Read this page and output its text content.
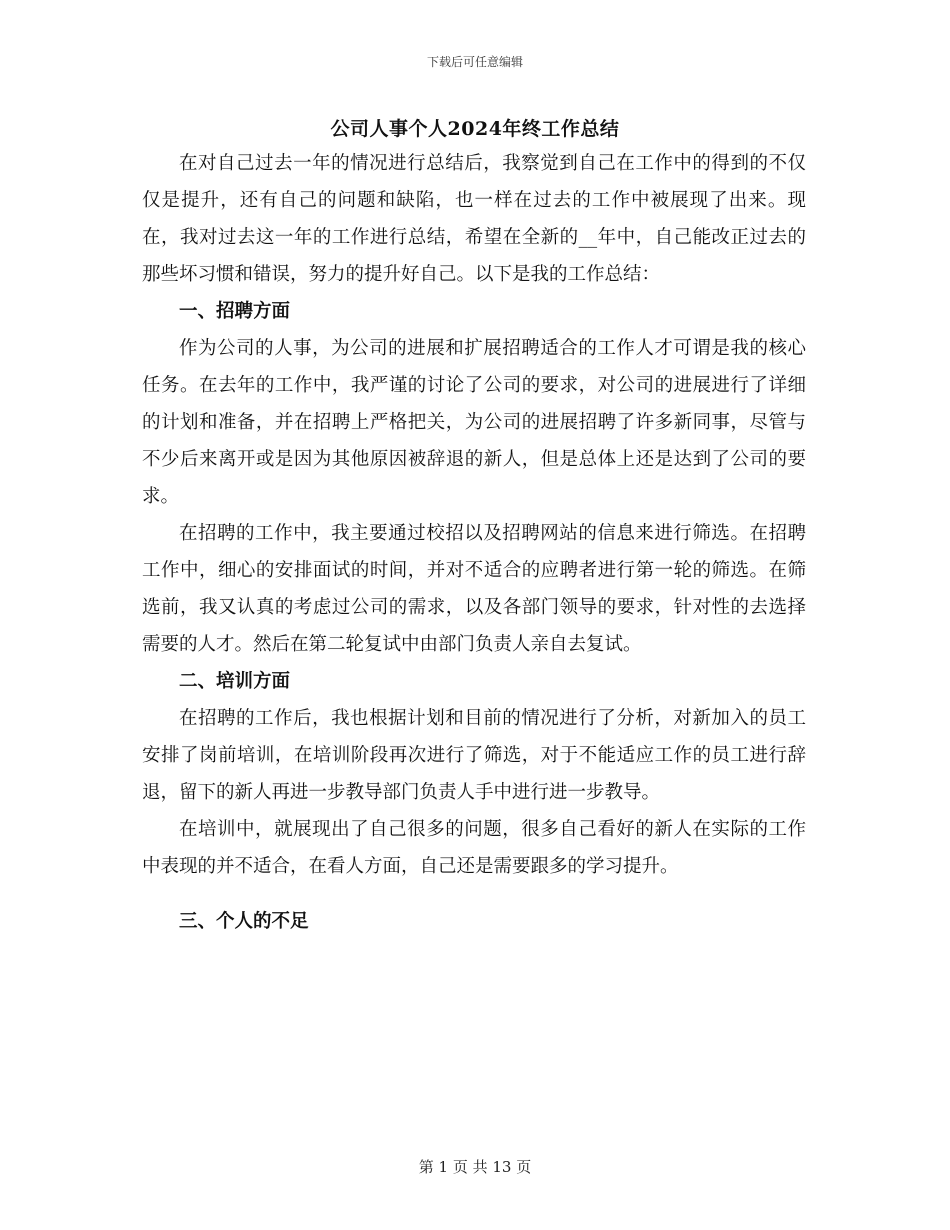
下载后可任意编辑
公司人事个人2024年终工作总结

在对自己过去一年的情况进行总结后，我察觉到自己在工作中的得到的不仅仅是提升，还有自己的问题和缺陷，也一样在过去的工作中被展现了出来。现在，我对过去这一年的工作进行总结，希望在全新的__年中，自己能改正过去的那些坏习惯和错误，努力的提升好自己。以下是我的工作总结：

一、招聘方面

作为公司的人事，为公司的进展和扩展招聘适合的工作人才可谓是我的核心任务。在去年的工作中，我严谨的讨论了公司的要求，对公司的进展进行了详细的计划和准备，并在招聘上严格把关，为公司的进展招聘了许多新同事，尽管与不少后来离开或是因为其他原因被辞退的新人，但是总体上还是达到了公司的要求。

在招聘的工作中，我主要通过校招以及招聘网站的信息来进行筛选。在招聘工作中，细心的安排面试的时间，并对不适合的应聘者进行第一轮的筛选。在筛选前，我又认真的考虑过公司的需求，以及各部门领导的要求，针对性的去选择需要的人才。然后在第二轮复试中由部门负责人亲自去复试。

二、培训方面

在招聘的工作后，我也根据计划和目前的情况进行了分析，对新加入的员工安排了岗前培训，在培训阶段再次进行了筛选，对于不能适应工作的员工进行辞退，留下的新人再进一步教导部门负责人手中进行进一步教导。

在培训中，就展现出了自己很多的问题，很多自己看好的新人在实际的工作中表现的并不适合，在看人方面，自己还是需要跟多的学习提升。

三、个人的不足
第 1 页 共 13 页
